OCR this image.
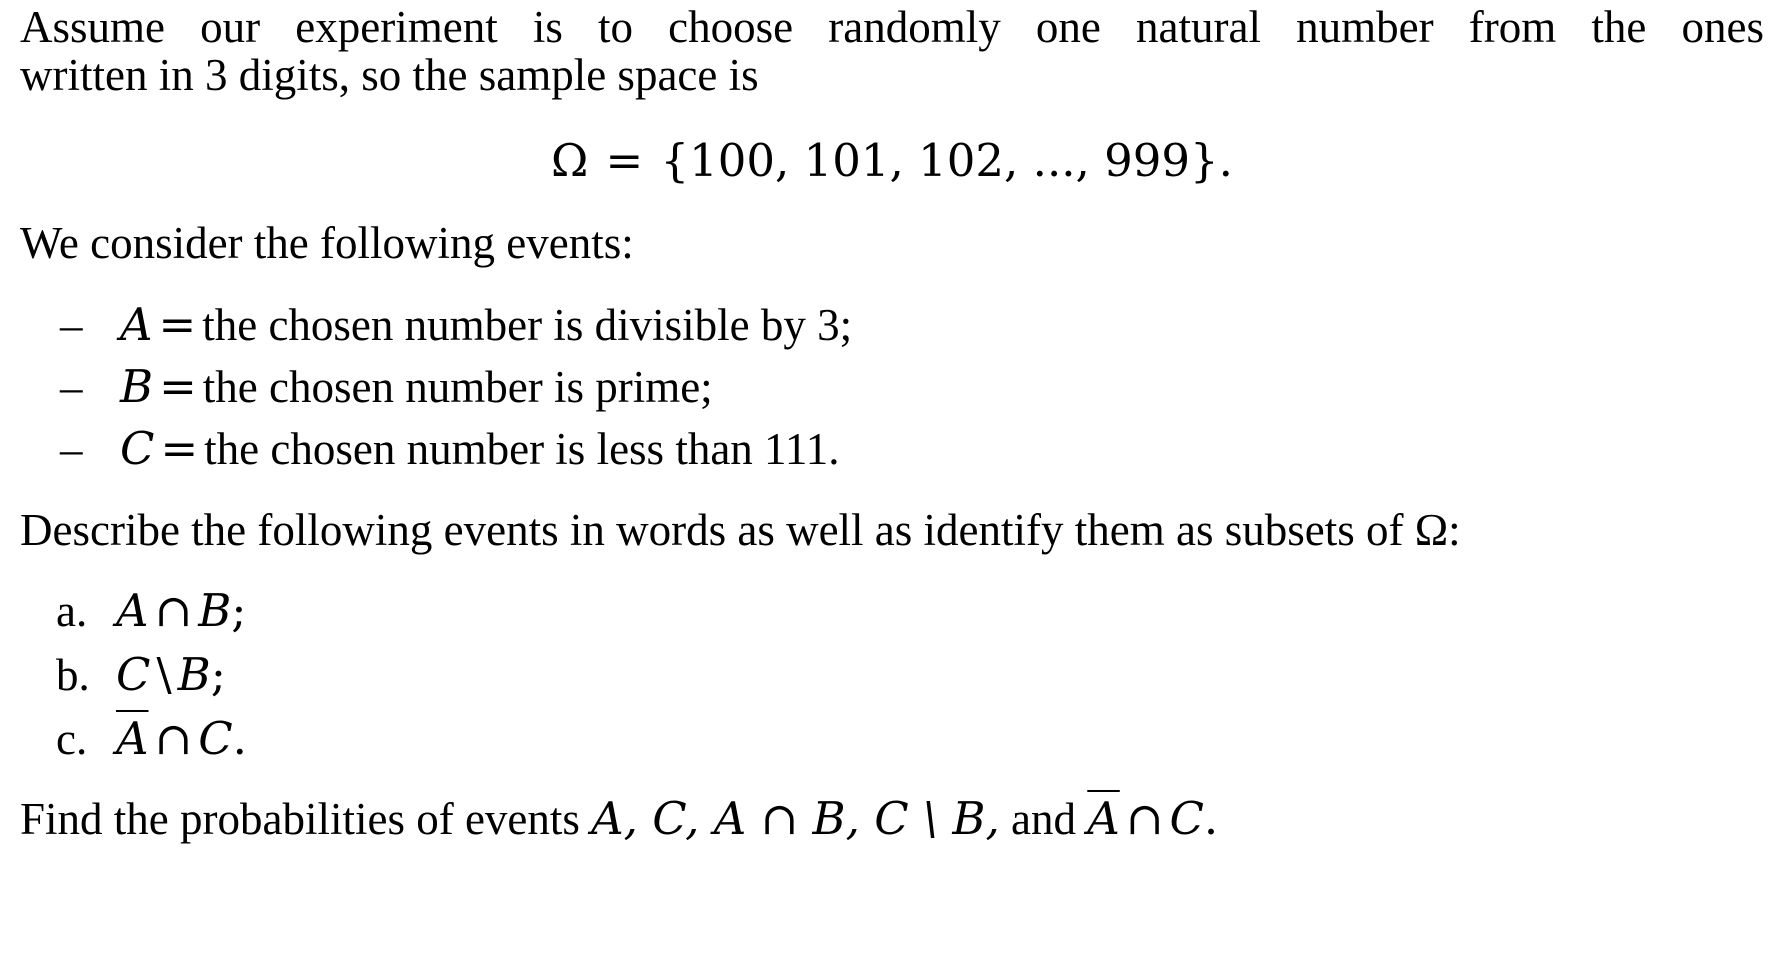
Assume our experiment is to choose randomly one natural number from the ones
written in 3 digits, so the sample space is
Ω = {100, 101, 102, ..., 999}.
We consider the following events:
– A = the chosen number is divisible by 3;
– B = the chosen number is prime;
– C = the chosen number is less than 111.
Describe the following events in words as well as identify them as subsets of Ω:
a. A ∩ B;
b. C \ B;
c. $\overline{A}$ ∩ C.
Find the probabilities of events A, C, A ∩ B, C \ B, and $\overline{A}$ ∩ C.
